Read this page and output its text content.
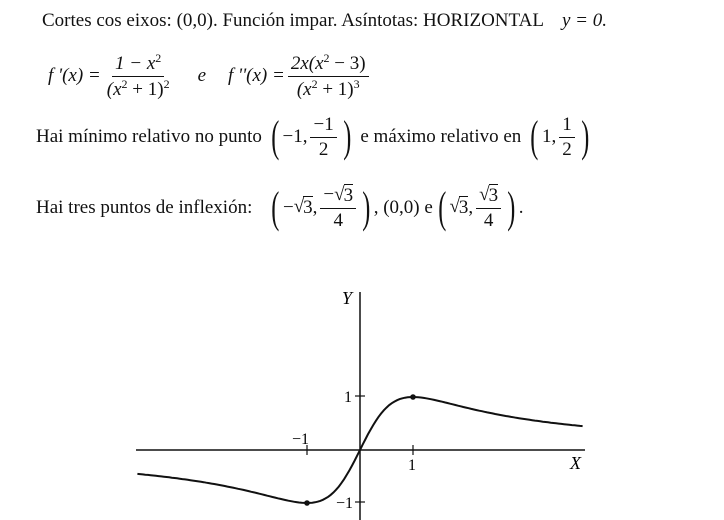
Cortes cos eixos: (0,0). Función impar. Asíntotas: HORIZONTAL y = 0.
f '$(x) = \frac{1 - x^2}{(x^2 + 1)^2}$ e f ''$(x) = \frac{2x(x^2 - 3)}{(x^2 + 1)^3}$
Hai mínimo relativo no punto ( −1, $\frac{-1}{2}$ ) e máximo relativo en ( 1, $\frac{1}{2}$ )
Hai tres puntos de inflexión: ( − √ 3 , $\frac{- √ 3}{4}$ ) , (0,0) e ( √ 3 , $\frac{√ 3}{4}$ ) .
Y
X
1
−1
1
−1
